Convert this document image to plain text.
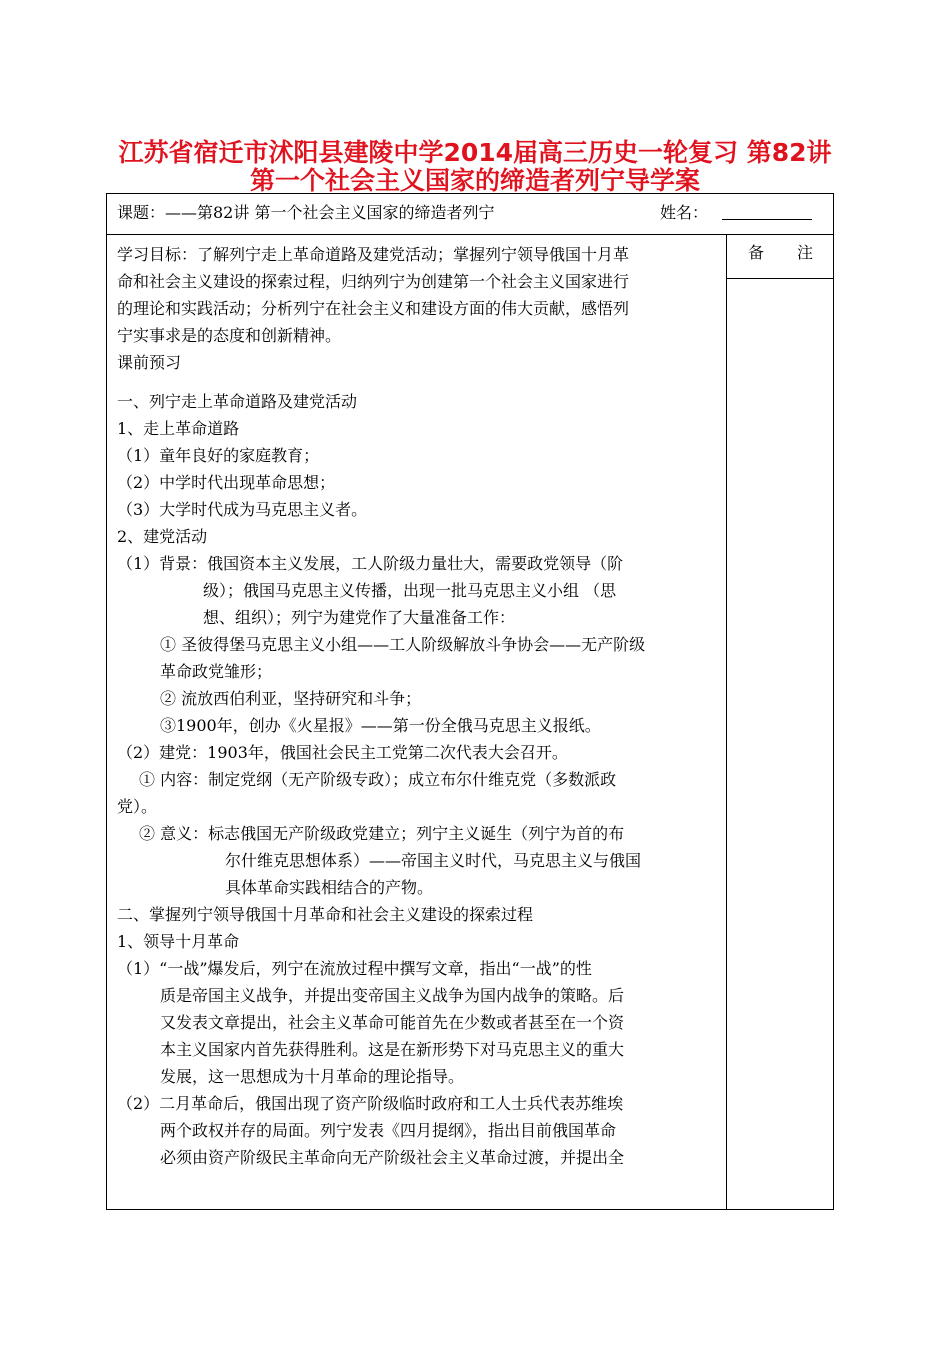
江苏省宿迁市沭阳县建陵中学2014届高三历史一轮复习 第82讲
第一个社会主义国家的缔造者列宁导学案
课题：——第82讲 第一个社会主义国家的缔造者列宁	姓名：
备 注
学习目标：了解列宁走上革命道路及建党活动；掌握列宁领导俄国十月革
命和社会主义建设的探索过程，归纳列宁为创建第一个社会主义国家进行
的理论和实践活动；分析列宁在社会主义和建设方面的伟大贡献，感悟列
宁实事求是的态度和创新精神。
课前预习
一、列宁走上革命道路及建党活动
1、走上革命道路
（1）童年良好的家庭教育；
（2）中学时代出现革命思想；
（3）大学时代成为马克思主义者。
2、建党活动
（1）背景：俄国资本主义发展，工人阶级力量壮大，需要政党领导（阶
级）；俄国马克思主义传播，出现一批马克思主义小组 （思
想、组织）；列宁为建党作了大量准备工作：
① 圣彼得堡马克思主义小组——工人阶级解放斗争协会——无产阶级
革命政党雏形；
② 流放西伯利亚，坚持研究和斗争；
③1900年，创办《火星报》——第一份全俄马克思主义报纸。
（2）建党：1903年，俄国社会民主工党第二次代表大会召开。
① 内容：制定党纲（无产阶级专政）；成立布尔什维克党（多数派政
党）。
② 意义：标志俄国无产阶级政党建立；列宁主义诞生（列宁为首的布
尔什维克思想体系）——帝国主义时代，马克思主义与俄国
具体革命实践相结合的产物。
二、掌握列宁领导俄国十月革命和社会主义建设的探索过程
1、领导十月革命
（1）“一战”爆发后，列宁在流放过程中撰写文章，指出“一战”的性
质是帝国主义战争，并提出变帝国主义战争为国内战争的策略。后
又发表文章提出，社会主义革命可能首先在少数或者甚至在一个资
本主义国家内首先获得胜利。这是在新形势下对马克思主义的重大
发展，这一思想成为十月革命的理论指导。
（2）二月革命后，俄国出现了资产阶级临时政府和工人士兵代表苏维埃
两个政权并存的局面。列宁发表《四月提纲》，指出目前俄国革命
必须由资产阶级民主革命向无产阶级社会主义革命过渡，并提出全
